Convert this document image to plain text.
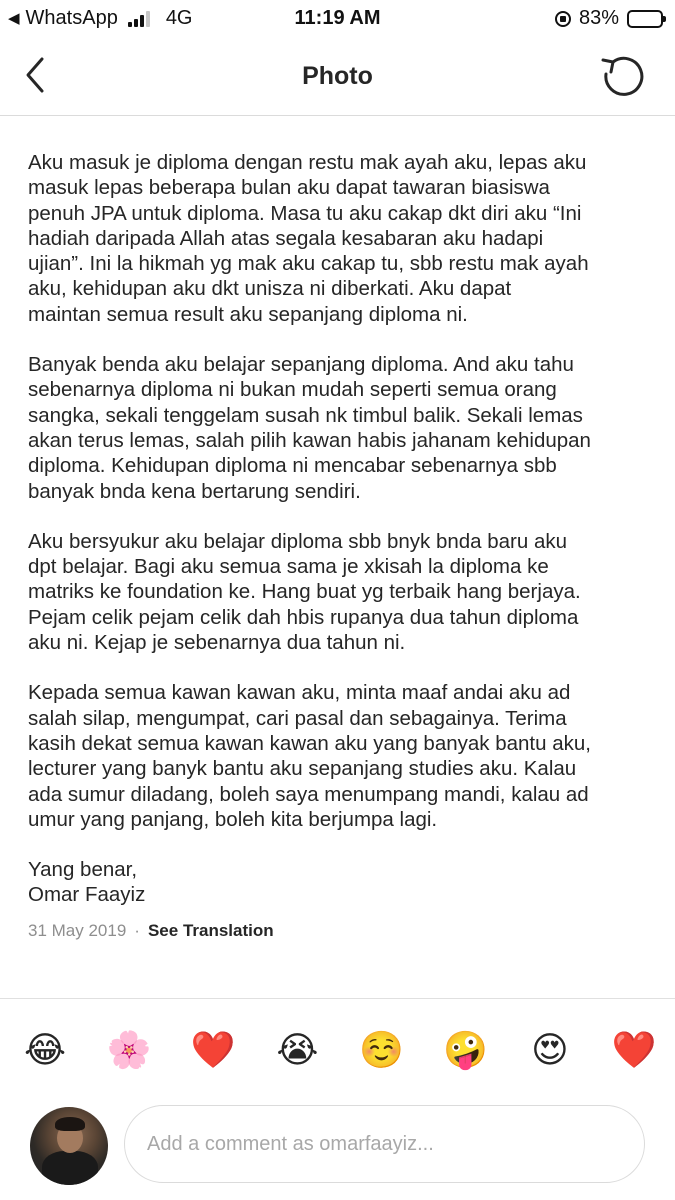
◀ WhatsApp 4G	11:19 AM	83%
Photo

Aku masuk je diploma dengan restu mak ayah aku, lepas aku
masuk lepas beberapa bulan aku dapat tawaran biasiswa
penuh JPA untuk diploma. Masa tu aku cakap dkt diri aku “Ini
hadiah daripada Allah atas segala kesabaran aku hadapi
ujian”. Ini la hikmah yg mak aku cakap tu, sbb restu mak ayah
aku, kehidupan aku dkt unisza ni diberkati. Aku dapat
maintan semua result aku sepanjang diploma ni.

Banyak benda aku belajar sepanjang diploma. And aku tahu
sebenarnya diploma ni bukan mudah seperti semua orang
sangka, sekali tenggelam susah nk timbul balik. Sekali lemas
akan terus lemas, salah pilih kawan habis jahanam kehidupan
diploma. Kehidupan diploma ni mencabar sebenarnya sbb
banyak bnda kena bertarung sendiri.

Aku bersyukur aku belajar diploma sbb bnyk bnda baru aku
dpt belajar. Bagi aku semua sama je xkisah la diploma ke
matriks ke foundation ke. Hang buat yg terbaik hang berjaya.
Pejam celik pejam celik dah hbis rupanya dua tahun diploma
aku ni. Kejap je sebenarnya dua tahun ni.

Kepada semua kawan kawan aku, minta maaf andai aku ad
salah silap, mengumpat, cari pasal dan sebagainya. Terima
kasih dekat semua kawan kawan aku yang banyak bantu aku,
lecturer yang banyk bantu aku sepanjang studies aku. Kalau
ada sumur diladang, boleh saya menumpang mandi, kalau ad
umur yang panjang, boleh kita berjumpa lagi.

Yang benar,
Omar Faayiz

31 May 2019 · See Translation
😂 🌸 ❤️ 😭 ☺️ 🤪 😍 ❤️
Add a comment as omarfaayiz...
